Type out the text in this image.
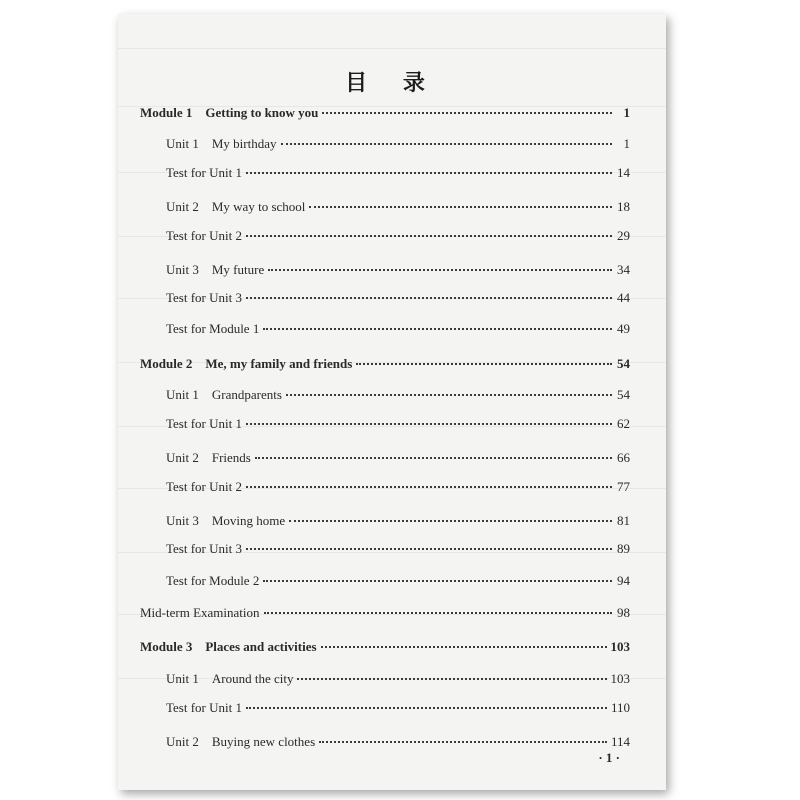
目 录
Module 1　Getting to know you	1
Unit 1　My birthday	1
Test for Unit 1	14
Unit 2　My way to school	18
Test for Unit 2	29
Unit 3　My future	34
Test for Unit 3	44
Test for Module 1	49
Module 2　Me, my family and friends	54
Unit 1　Grandparents	54
Test for Unit 1	62
Unit 2　Friends	66
Test for Unit 2	77
Unit 3　Moving home	81
Test for Unit 3	89
Test for Module 2	94
Mid-term Examination	98
Module 3　Places and activities	103
Unit 1　Around the city	103
Test for Unit 1	110
Unit 2　Buying new clothes	114
· 1 ·
